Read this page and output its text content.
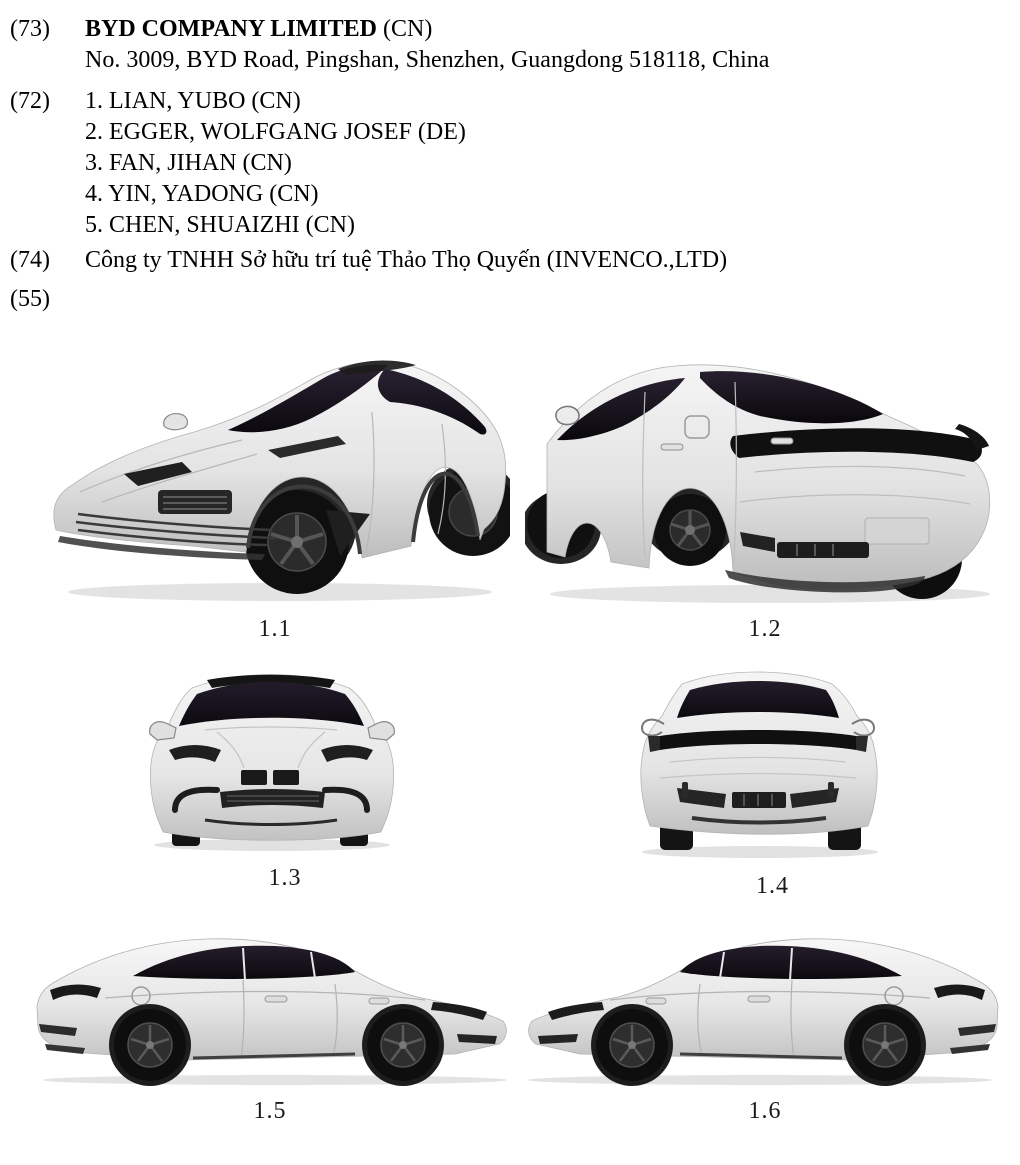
(73)	BYD COMPANY LIMITED (CN)
No. 3009, BYD Road, Pingshan, Shenzhen, Guangdong 518118, China
(72)	1. LIAN, YUBO (CN)
2. EGGER, WOLFGANG JOSEF (DE)
3. FAN, JIHAN (CN)
4. YIN, YADONG (CN)
5. CHEN, SHUAIZHI (CN)
(74)	Công ty TNHH Sở hữu trí tuệ Thảo Thọ Quyến (INVENCO.,LTD)
(55)
1.1	1.2
1.3	1.4
1.5	1.6
